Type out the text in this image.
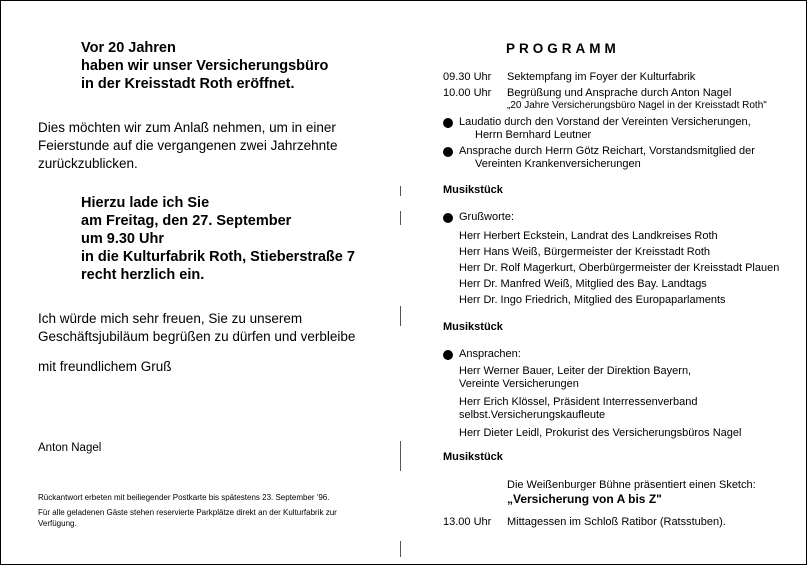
Vor 20 Jahren
haben wir unser Versicherungsbüro
in der Kreisstadt Roth eröffnet.
Dies möchten wir zum Anlaß nehmen, um in einer
Feierstunde auf die vergangenen zwei Jahrzehnte
zurückzublicken.
Hierzu lade ich Sie
am Freitag, den 27. September
um 9.30 Uhr
in die Kulturfabrik Roth, Stieberstraße 7
recht herzlich ein.
Ich würde mich sehr freuen, Sie zu unserem
Geschäftsjubiläum begrüßen zu dürfen und verbleibe
mit freundlichem Gruß
Anton Nagel
Rückantwort erbeten mit beiliegender Postkarte bis spätestens 23. September '96.
Für alle geladenen Gäste stehen reservierte Parkplätze direkt an der Kulturfabrik zur
Verfügung.
PROGRAMM
09.30 Uhr Sektempfang im Foyer der Kulturfabrik
10.00 Uhr Begrüßung und Ansprache durch Anton Nagel
„20 Jahre Versicherungsbüro Nagel in der Kreisstadt Roth"
Laudatio durch den Vorstand der Vereinten Versicherungen,
Herrn Bernhard Leutner
Ansprache durch Herrn Götz Reichart, Vorstandsmitglied der
Vereinten Krankenversicherungen
Musikstück
Grußworte:
Herr Herbert Eckstein, Landrat des Landkreises Roth
Herr Hans Weiß, Bürgermeister der Kreisstadt Roth
Herr Dr. Rolf Magerkurt, Oberbürgermeister der Kreisstadt Plauen
Herr Dr. Manfred Weiß, Mitglied des Bay. Landtags
Herr Dr. Ingo Friedrich, Mitglied des Europaparlaments
Musikstück
Ansprachen:
Herr Werner Bauer, Leiter der Direktion Bayern,
Vereinte Versicherungen
Herr Erich Klössel, Präsident Interressenverband
selbst.Versicherungskaufleute
Herr Dieter Leidl, Prokurist des Versicherungsbüros Nagel
Musikstück
Die Weißenburger Bühne präsentiert einen Sketch:
„Versicherung von A bis Z"
13.00 Uhr Mittagessen im Schloß Ratibor (Ratsstuben).
